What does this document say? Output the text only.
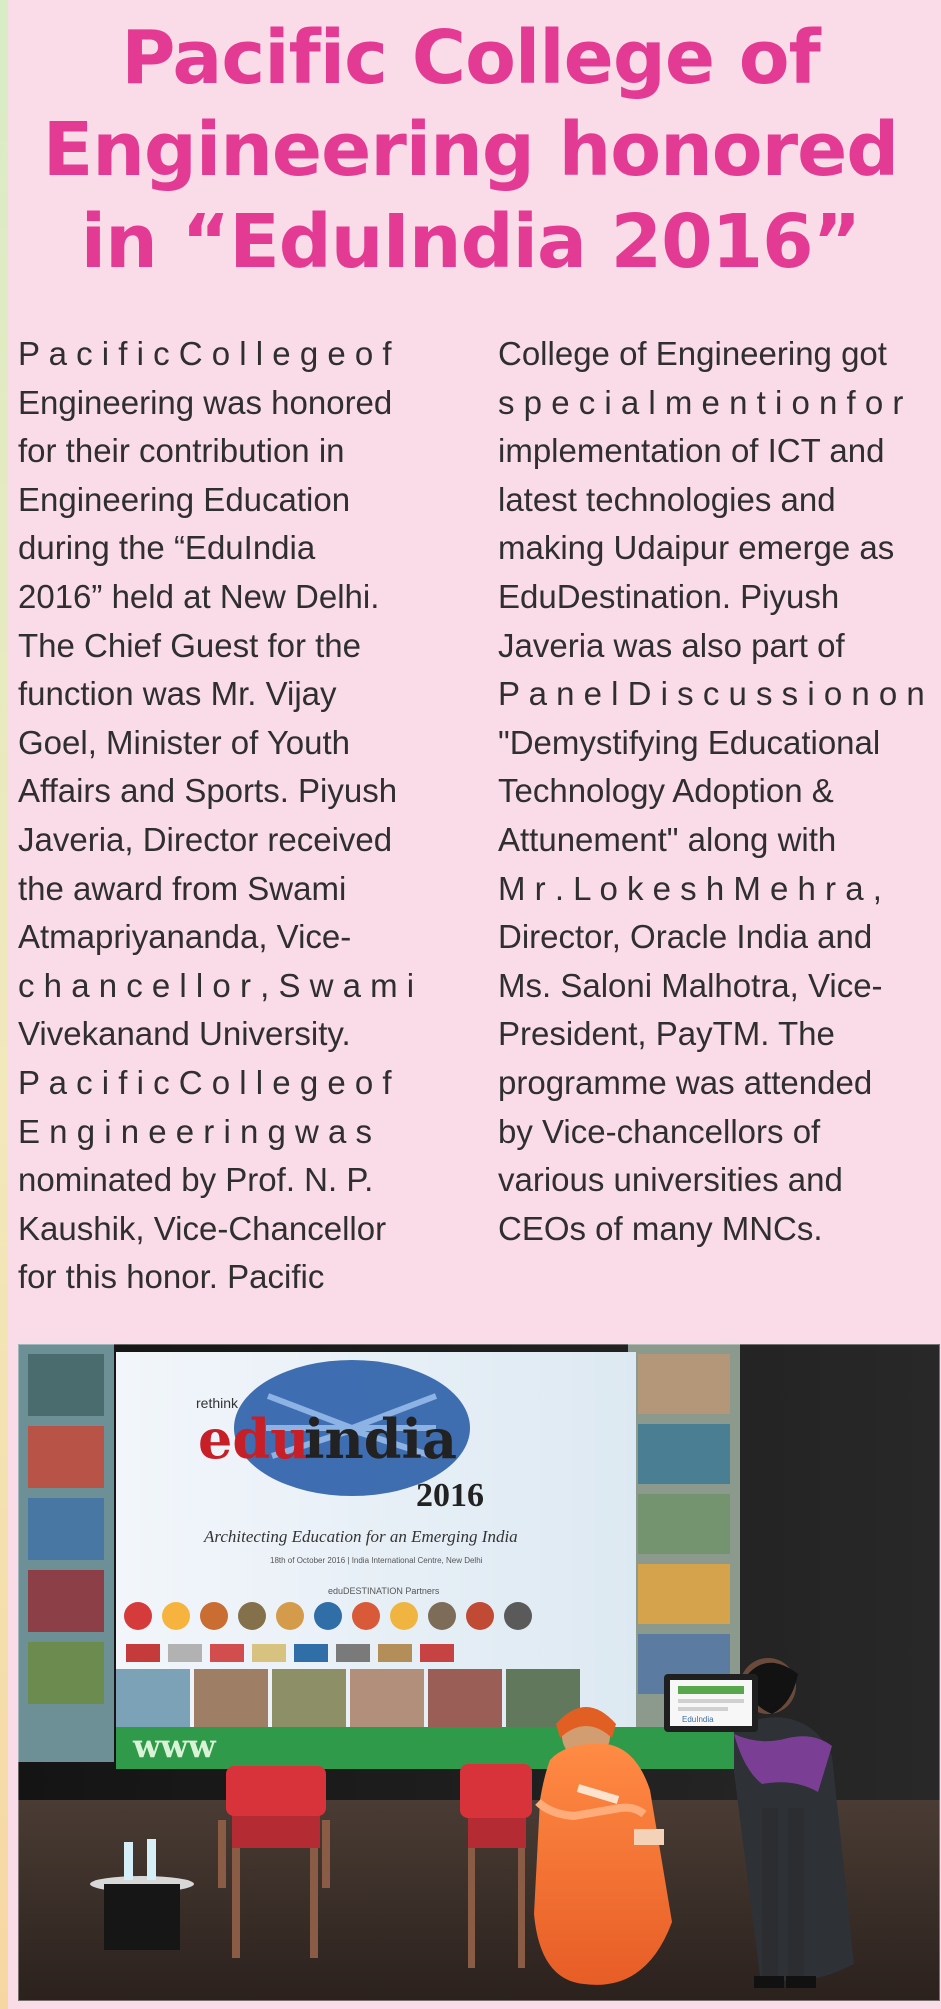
Pacific College of
Engineering honored
in “EduIndia 2016”
P a c i f i c C o l l e g e o f
Engineering was honored
for their contribution in
Engineering Education
during the “EduIndia
2016” held at New Delhi.
The Chief Guest for the
function was Mr. Vijay
Goel, Minister of Youth
Affairs and Sports. Piyush
Javeria, Director received
the award from Swami
Atmapriyananda, Vice-
c h a n c e l l o r , S w a m i
Vivekanand University.
P a c i f i c C o l l e g e o f
E n g i n e e r i n g w a s
nominated by Prof. N. P.
Kaushik, Vice-Chancellor
for this honor. Pacific
College of Engineering got
s p e c i a l m e n t i o n f o r
implementation of ICT and
latest technologies and
making Udaipur emerge as
EduDestination. Piyush
Javeria was also part of
P a n e l D i s c u s s i o n o n
"Demystifying Educational
Technology Adoption &
Attunement" along with
M r . L o k e s h M e h r a ,
Director, Oracle India and
Ms. Saloni Malhotra, Vice-
President, PayTM. The
programme was attended
by Vice-chancellors of
various universities and
CEOs of many MNCs.
rethink
edu
india
2016
Architecting Education for an Emerging India
18th of October 2016 | India International Centre, New Delhi
eduDESTINATION Partners
www
EduIndia
